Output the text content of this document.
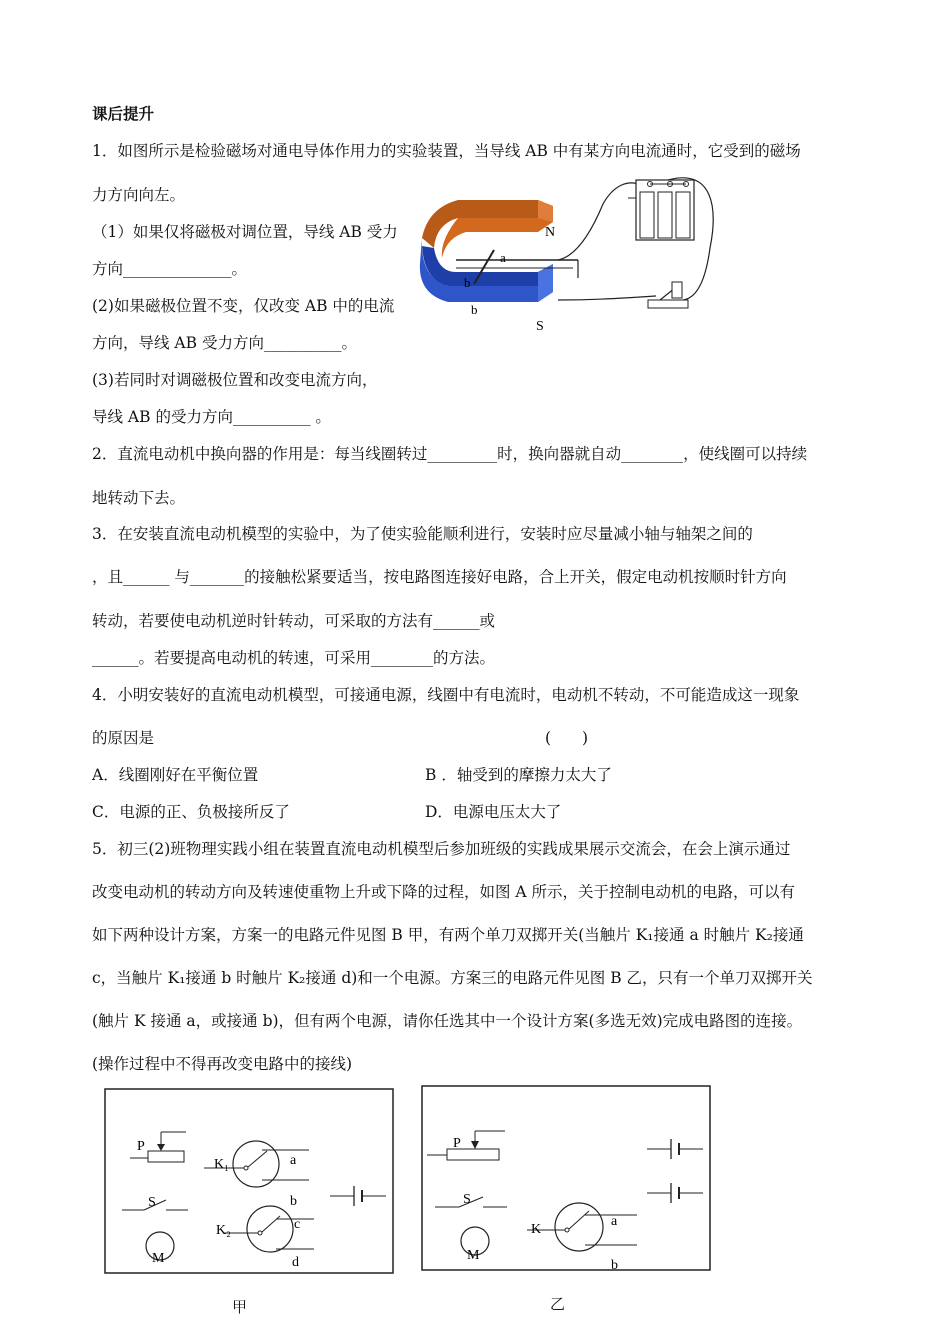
课后提升
1．如图所示是检验磁场对通电导体作用力的实验装置，当导线 AB 中有某方向电流通时，它受到的磁场
力方向向左。
（1）如果仅将磁极对调位置，导线 AB 受力
方向______________。
(2)如果磁极位置不变，仅改变 AB 中的电流
方向，导线 AB 受力方向__________。
(3)若同时对调磁极位置和改变电流方向，
导线 AB 的受力方向__________ 。
N
a
b
b
S
2．直流电动机中换向器的作用是：每当线圈转过_________时，换向器就自动________，使线圈可以持续
地转动下去。
3．在安装直流电动机模型的实验中，为了使实验能顺利进行，安装时应尽量减小轴与轴架之间的
，且______ 与_______的接触松紧要适当，按电路图连接好电路，合上开关，假定电动机按顺时针方向
转动，若要使电动机逆时针转动，可采取的方法有______或
______。若要提高电动机的转速，可采用________的方法。
4．小明安装好的直流电动机模型，可接通电源，线圈中有电流时，电动机不转动，不可能造成这一现象
的原因是	(　　)
A．线圈刚好在平衡位置	B ．轴受到的摩擦力太大了
C．电源的正、负极接所反了	D．电源电压太大了
5．初三(2)班物理实践小组在装置直流电动机模型后参加班级的实践成果展示交流会，在会上演示通过
改变电动机的转动方向及转速使重物上升或下降的过程，如图 A 所示，关于控制电动机的电路，可以有
如下两种设计方案，方案一的电路元件见图 B 甲，有两个单刀双掷开关(当触片 K₁接通 a 时触片 K₂接通
c，当触片 K₁接通 b 时触片 K₂接通 d)和一个电源。方案三的电路元件见图 B 乙，只有一个单刀双掷开关
(触片 K 接通 a，或接通 b)，但有两个电源，请你任选其中一个设计方案(多选无效)完成电路图的连接。
(操作过程中不得再改变电路中的接线)
P
K₁	a
b
S
K₂	c
d
M
甲
P
S
K
a
b
M
乙
